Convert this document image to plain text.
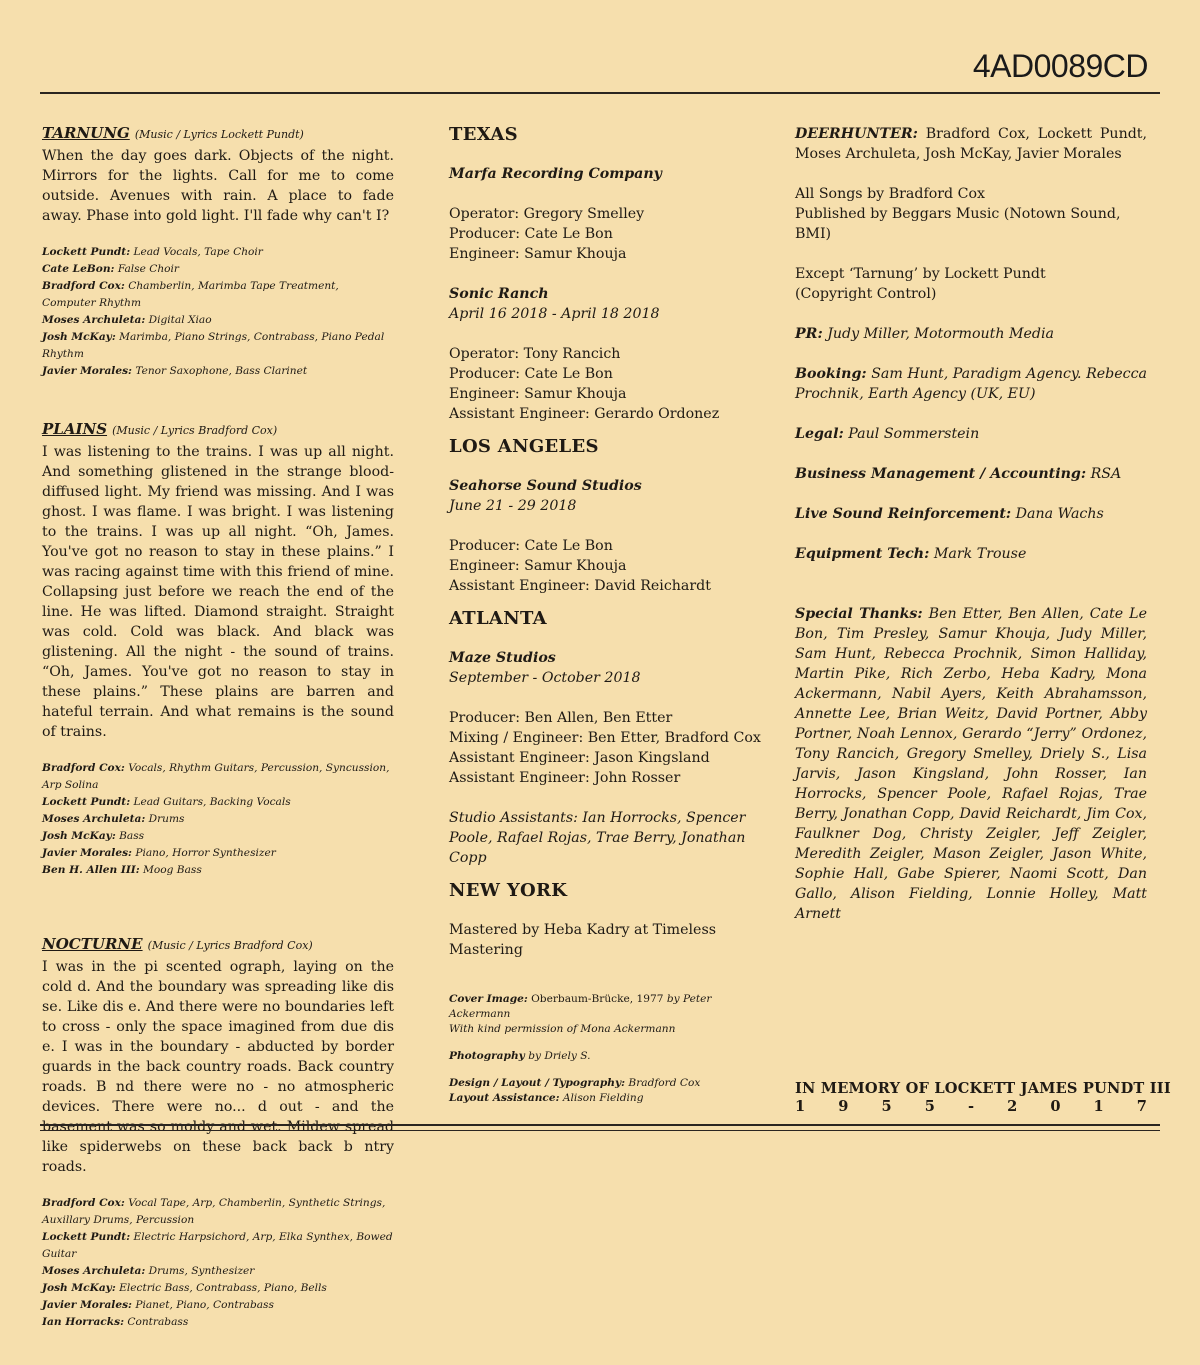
4AD0089CD
TARNUNG (Music / Lyrics Lockett Pundt)

When the day goes dark. Objects of the night. Mirrors for the lights. Call for me to come outside. Avenues with rain. A place to fade away. Phase into gold light. I'll fade why can't I?

Lockett Pundt: Lead Vocals, Tape Choir
Cate LeBon: False Choir
Bradford Cox: Chamberlin, Marimba Tape Treatment, Computer Rhythm
Moses Archuleta: Digital Xiao
Josh McKay: Marimba, Piano Strings, Contrabass, Piano Pedal Rhythm
Javier Morales: Tenor Saxophone, Bass Clarinet
PLAINS (Music / Lyrics Bradford Cox)

I was listening to the trains. I was up all night. And something glistened in the strange blood-diffused light. My friend was missing. And I was ghost. I was flame. I was bright. I was listening to the trains. I was up all night. “Oh, James. You've got no reason to stay in these plains.” I was racing against time with this friend of mine. Collapsing just before we reach the end of the line. He was lifted. Diamond straight. Straight was cold. Cold was black. And black was glistening. All the night - the sound of trains. “Oh, James. You've got no reason to stay in these plains.” These plains are barren and hateful terrain. And what remains is the sound of trains.

Bradford Cox: Vocals, Rhythm Guitars, Percussion, Syncussion, Arp Solina
Lockett Pundt: Lead Guitars, Backing Vocals
Moses Archuleta: Drums
Josh McKay: Bass
Javier Morales: Piano, Horror Synthesizer
Ben H. Allen III: Moog Bass
NOCTURNE (Music / Lyrics Bradford Cox)

I was in the pi scented ograph, laying on the cold d. And the boundary was spreading like dis se. Like dis e. And there were no boundaries left to cross - only the space imagined from due dis e. I was in the boundary - abducted by border guards in the back country roads. Back country roads. B nd there were no - no atmospheric devices. There were no... d out - and the basement was so moldy and wet. Mildew spread like spiderwebs on these back back b ntry roads.

Bradford Cox: Vocal Tape, Arp, Chamberlin, Synthetic Strings, Auxillary Drums, Percussion
Lockett Pundt: Electric Harpsichord, Arp, Elka Synthex, Bowed Guitar
Moses Archuleta: Drums, Synthesizer
Josh McKay: Electric Bass, Contrabass, Piano, Bells
Javier Morales: Pianet, Piano, Contrabass
Ian Horracks: Contrabass
TEXAS
Marfa Recording Company
Operator: Gregory Smelley
Producer: Cate Le Bon
Engineer: Samur Khouja
Sonic Ranch
April 16 2018 - April 18 2018
Operator: Tony Rancich
Producer: Cate Le Bon
Engineer: Samur Khouja
Assistant Engineer: Gerardo Ordonez
LOS ANGELES
Seahorse Sound Studios
June 21 - 29 2018
Producer: Cate Le Bon
Engineer: Samur Khouja
Assistant Engineer: David Reichardt
ATLANTA
Maze Studios
September - October 2018
Producer: Ben Allen, Ben Etter
Mixing / Engineer: Ben Etter, Bradford Cox
Assistant Engineer: Jason Kingsland
Assistant Engineer: John Rosser
Studio Assistants: Ian Horrocks, Spencer Poole, Rafael Rojas, Trae Berry, Jonathan Copp
NEW YORK
Mastered by Heba Kadry at Timeless Mastering
Cover Image: Oberbaum-Brücke, 1977 by Peter Ackermann
With kind permission of Mona Ackermann
Photography by Driely S.
Design / Layout / Typography: Bradford Cox
Layout Assistance: Alison Fielding

DEERHUNTER: Bradford Cox, Lockett Pundt, Moses Archuleta, Josh McKay, Javier Morales

All Songs by Bradford Cox
Published by Beggars Music (Notown Sound, BMI)

Except ‘Tarnung’ by Lockett Pundt
(Copyright Control)

PR: Judy Miller, Motormouth Media

Booking: Sam Hunt, Paradigm Agency. Rebecca Prochnik, Earth Agency (UK, EU)

Legal: Paul Sommerstein

Business Management / Accounting: RSA

Live Sound Reinforcement: Dana Wachs

Equipment Tech: Mark Trouse

Special Thanks: Ben Etter, Ben Allen, Cate Le Bon, Tim Presley, Samur Khouja, Judy Miller, Sam Hunt, Rebecca Prochnik, Simon Halliday, Martin Pike, Rich Zerbo, Heba Kadry, Mona Ackermann, Nabil Ayers, Keith Abrahamsson, Annette Lee, Brian Weitz, David Portner, Abby Portner, Noah Lennox, Gerardo “Jerry” Ordonez, Tony Rancich, Gregory Smelley, Driely S., Lisa Jarvis, Jason Kingsland, John Rosser, Ian Horrocks, Spencer Poole, Rafael Rojas, Trae Berry, Jonathan Copp, David Reichardt, Jim Cox, Faulkner Dog, Christy Zeigler, Jeff Zeigler, Meredith Zeigler, Mason Zeigler, Jason White, Sophie Hall, Gabe Spierer, Naomi Scott, Dan Gallo, Alison Fielding, Lonnie Holley, Matt Arnett

IN MEMORY OF LOCKETT JAMES PUNDT III
1 9 5 5 - 2 0 1 7
